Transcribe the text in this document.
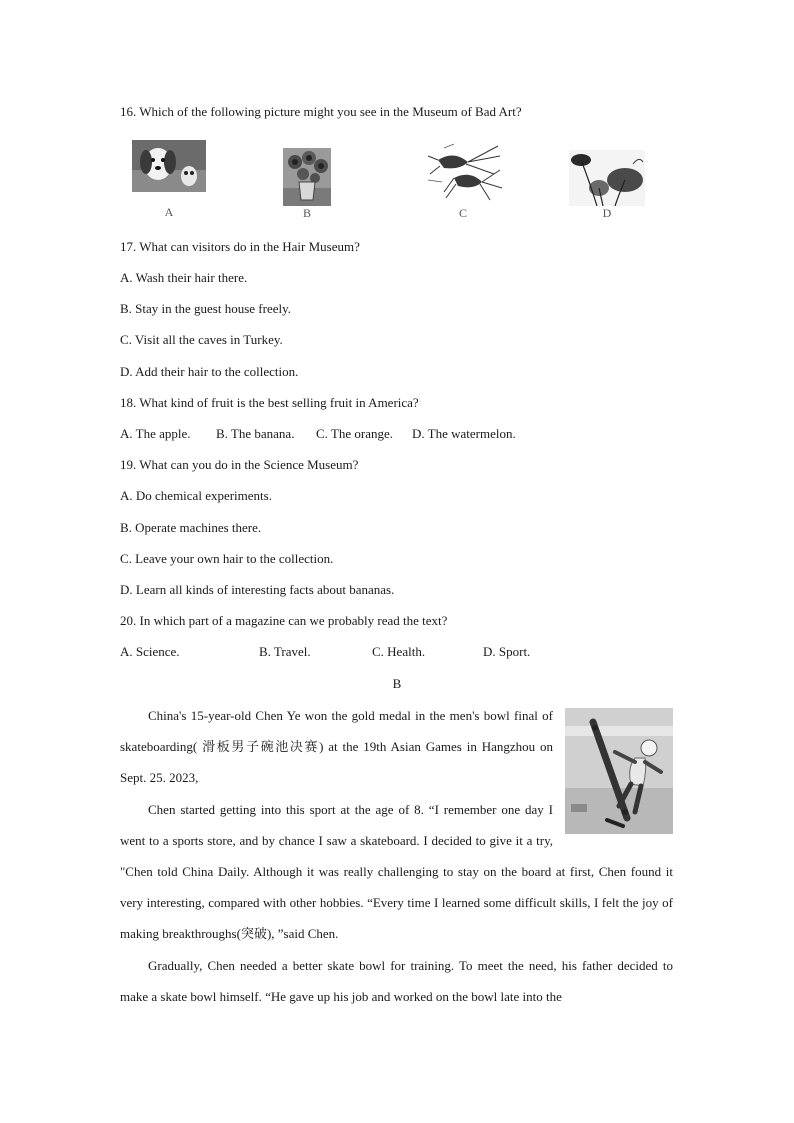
16. Which of the following picture might you see in the Museum of Bad Art?
A	B	C	D
17. What can visitors do in the Hair Museum?
A. Wash their hair there.
B. Stay in the guest house freely.
C. Visit all the caves in Turkey.
D. Add their hair to the collection.
18. What kind of fruit is the best selling fruit in America?
A. The apple. B. The banana. C. The orange. D. The watermelon.
19. What can you do in the Science Museum?
A. Do chemical experiments.
B. Operate machines there.
C. Leave your own hair to the collection.
D. Learn all kinds of interesting facts about bananas.
20. In which part of a magazine can we probably read the text?
A. Science.	B. Travel.	C. Health.	D. Sport.
B

China's 15-year-old Chen Ye won the gold medal in the men's bowl final of skateboarding( 滑板男子碗池决赛) at the 19th Asian Games in Hangzhou on Sept. 25. 2023,

Chen started getting into this sport at the age of 8. “I remember one day I went to a sports store, and by chance I saw a skateboard. I decided to give it a try, "Chen told China Daily. Although it was really challenging to stay on the board at first, Chen found it very interesting, compared with other hobbies. “Every time I learned some difficult skills, I felt the joy of making breakthroughs(突破), ”said Chen.

Gradually, Chen needed a better skate bowl for training. To meet the need, his father decided to make a skate bowl himself. “He gave up his job and worked on the bowl late into the
